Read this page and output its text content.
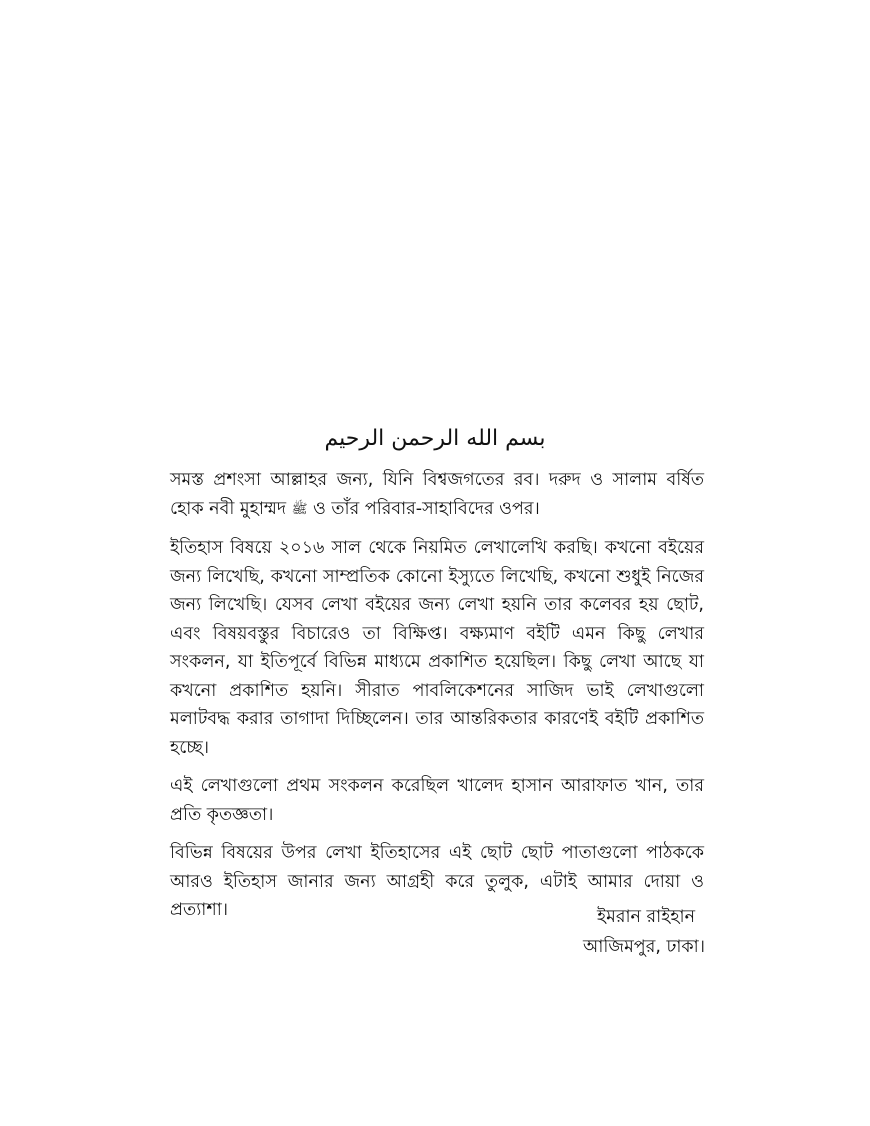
بسم الله الرحمن الرحيم

সমস্ত প্রশংসা আল্লাহর জন্য, যিনি বিশ্বজগতের রব। দরুদ ও সালাম বর্ষিত হোক নবী মুহাম্মদ ﷺ ও তাঁর পরিবার-সাহাবিদের ওপর।

ইতিহাস বিষয়ে ২০১৬ সাল থেকে নিয়মিত লেখালেখি করছি। কখনো বইয়ের জন্য লিখেছি, কখনো সাম্প্রতিক কোনো ইস্যুতে লিখেছি, কখনো শুধুই নিজের জন্য লিখেছি। যেসব লেখা বইয়ের জন্য লেখা হয়নি তার কলেবর হয় ছোট, এবং বিষয়বস্তুর বিচারেও তা বিক্ষিপ্ত। বক্ষ্যমাণ বইটি এমন কিছু লেখার সংকলন, যা ইতিপূর্বে বিভিন্ন মাধ্যমে প্রকাশিত হয়েছিল। কিছু লেখা আছে যা কখনো প্রকাশিত হয়নি। সীরাত পাবলিকেশনের সাজিদ ভাই লেখাগুলো মলাটবদ্ধ করার তাগাদা দিচ্ছিলেন। তার আন্তরিকতার কারণেই বইটি প্রকাশিত হচ্ছে।

এই লেখাগুলো প্রথম সংকলন করেছিল খালেদ হাসান আরাফাত খান, তার প্রতি কৃতজ্ঞতা।

বিভিন্ন বিষয়ের উপর লেখা ইতিহাসের এই ছোট ছোট পাতাগুলো পাঠককে আরও ইতিহাস জানার জন্য আগ্রহী করে তুলুক, এটাই আমার দোয়া ও প্রত্যাশা।	ইমরান রাইহান
আজিমপুর, ঢাকা।
